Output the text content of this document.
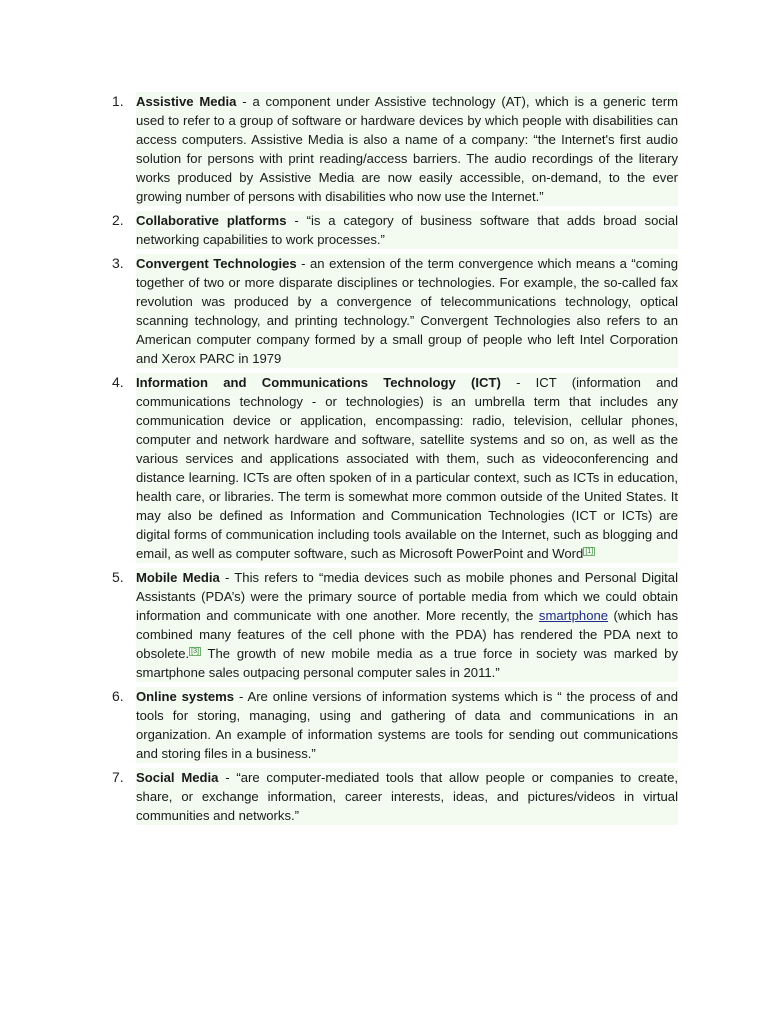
1. Assistive Media - a component under Assistive technology (AT), which is a generic term used to refer to a group of software or hardware devices by which people with disabilities can access computers. Assistive Media is also a name of a company: “the Internet's first audio solution for persons with print reading/access barriers. The audio recordings of the literary works produced by Assistive Media are now easily accessible, on-demand, to the ever growing number of persons with disabilities who now use the Internet.”
2. Collaborative platforms - “is a category of business software that adds broad social networking capabilities to work processes.”
3. Convergent Technologies - an extension of the term convergence which means a “coming together of two or more disparate disciplines or technologies. For example, the so-called fax revolution was produced by a convergence of telecommunications technology, optical scanning technology, and printing technology.” Convergent Technologies also refers to an American computer company formed by a small group of people who left Intel Corporation and Xerox PARC in 1979
4. Information and Communications Technology (ICT) - ICT (information and communications technology - or technologies) is an umbrella term that includes any communication device or application, encompassing: radio, television, cellular phones, computer and network hardware and software, satellite systems and so on, as well as the various services and applications associated with them, such as videoconferencing and distance learning. ICTs are often spoken of in a particular context, such as ICTs in education, health care, or libraries. The term is somewhat more common outside of the United States. It may also be defined as Information and Communication Technologies (ICT or ICTs) are digital forms of communication including tools available on the Internet, such as blogging and email, as well as computer software, such as Microsoft PowerPoint and Word [1]
5. Mobile Media - This refers to “media devices such as mobile phones and Personal Digital Assistants (PDA’s) were the primary source of portable media from which we could obtain information and communicate with one another. More recently, the smartphone (which has combined many features of the cell phone with the PDA) has rendered the PDA next to obsolete. [3] The growth of new mobile media as a true force in society was marked by smartphone sales outpacing personal computer sales in 2011.”
6. Online systems - Are online versions of information systems which is “ the process of and tools for storing, managing, using and gathering of data and communications in an organization. An example of information systems are tools for sending out communications and storing files in a business.”
7. Social Media - “are computer-mediated tools that allow people or companies to create, share, or exchange information, career interests, ideas, and pictures/videos in virtual communities and networks.”
